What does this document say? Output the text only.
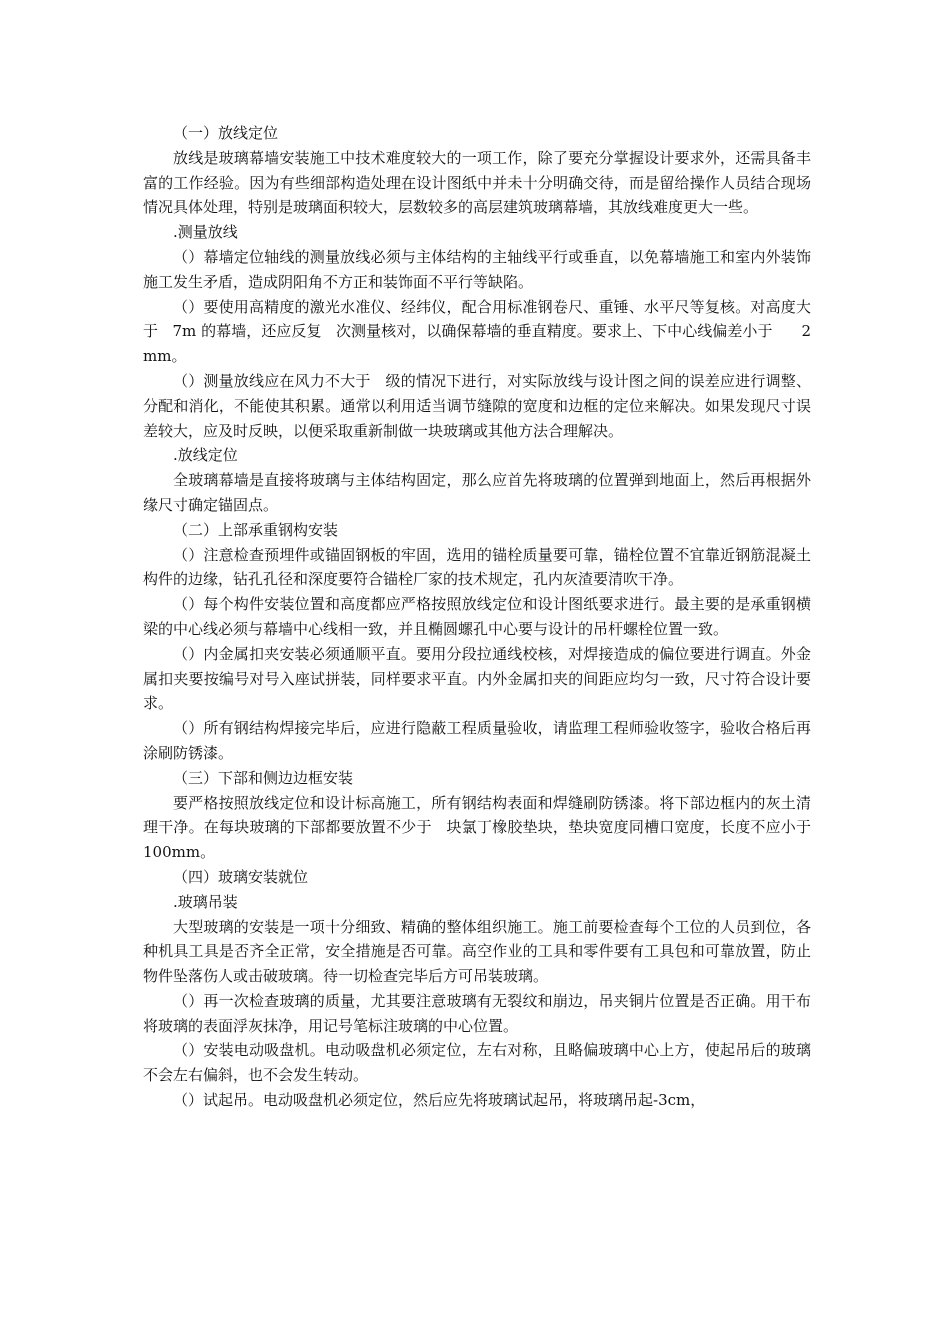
（一）放线定位

放线是玻璃幕墙安装施工中技术难度较大的一项工作，除了要充分掌握设计要求外，还需具备丰富的工作经验。因为有些细部构造处理在设计图纸中并未十分明确交待，而是留给操作人员结合现场情况具体处理，特别是玻璃面积较大，层数较多的高层建筑玻璃幕墙，其放线难度更大一些。

.测量放线

（）幕墙定位轴线的测量放线必须与主体结构的主轴线平行或垂直，以免幕墙施工和室内外装饰施工发生矛盾，造成阴阳角不方正和装饰面不平行等缺陷。

（）要使用高精度的激光水准仪、经纬仪，配合用标准钢卷尺、重锤、水平尺等复核。对高度大于   7m 的幕墙，还应反复   次测量核对，以确保幕墙的垂直精度。要求上、下中心线偏差小于      2mm。

（）测量放线应在风力不大于   级的情况下进行，对实际放线与设计图之间的误差应进行调整、分配和消化，不能使其积累。通常以利用适当调节缝隙的宽度和边框的定位来解决。如果发现尺寸误差较大，应及时反映，以便采取重新制做一块玻璃或其他方法合理解决。

.放线定位

全玻璃幕墙是直接将玻璃与主体结构固定，那么应首先将玻璃的位置弹到地面上，然后再根据外缘尺寸确定锚固点。

（二）上部承重钢构安装

（）注意检查预埋件或锚固钢板的牢固，选用的锚栓质量要可靠，锚栓位置不宜靠近钢筋混凝土构件的边缘，钻孔孔径和深度要符合锚栓厂家的技术规定，孔内灰渣要清吹干净。

（）每个构件安装位置和高度都应严格按照放线定位和设计图纸要求进行。最主要的是承重钢横梁的中心线必须与幕墙中心线相一致，并且椭圆螺孔中心要与设计的吊杆螺栓位置一致。

（）内金属扣夹安装必须通顺平直。要用分段拉通线校核，对焊接造成的偏位要进行调直。外金属扣夹要按编号对号入座试拼装，同样要求平直。内外金属扣夹的间距应均匀一致，尺寸符合设计要求。

（）所有钢结构焊接完毕后，应进行隐蔽工程质量验收，请监理工程师验收签字，验收合格后再涂刷防锈漆。

（三）下部和侧边边框安装

要严格按照放线定位和设计标高施工，所有钢结构表面和焊缝刷防锈漆。将下部边框内的灰土清理干净。在每块玻璃的下部都要放置不少于   块氯丁橡胶垫块，垫块宽度同槽口宽度，长度不应小于    100mm。

（四）玻璃安装就位

.玻璃吊装

大型玻璃的安装是一项十分细致、精确的整体组织施工。施工前要检查每个工位的人员到位，各种机具工具是否齐全正常，安全措施是否可靠。高空作业的工具和零件要有工具包和可靠放置，防止物件坠落伤人或击破玻璃。待一切检查完毕后方可吊装玻璃。

（）再一次检查玻璃的质量，尤其要注意玻璃有无裂纹和崩边，吊夹铜片位置是否正确。用干布将玻璃的表面浮灰抹净，用记号笔标注玻璃的中心位置。

（）安装电动吸盘机。电动吸盘机必须定位，左右对称，且略偏玻璃中心上方，使起吊后的玻璃不会左右偏斜，也不会发生转动。

（）试起吊。电动吸盘机必须定位，然后应先将玻璃试起吊，将玻璃吊起-3cm，
